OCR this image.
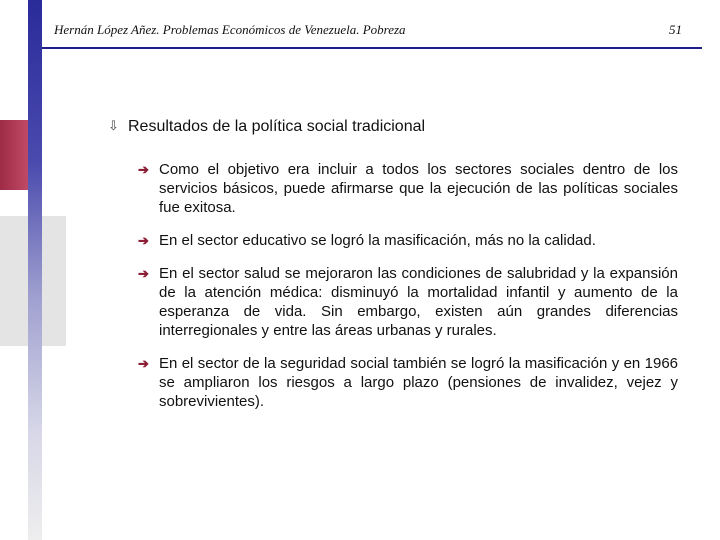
Hernán López Añez. Problemas Económicos de Venezuela. Pobreza	51
⇩ Resultados de la política social tradicional
➔ Como el objetivo era incluir a todos los sectores sociales dentro de los servicios básicos, puede afirmarse que la ejecución de las políticas sociales fue exitosa.
➔ En el sector educativo se logró la masificación, más no la calidad.
➔ En el sector salud se mejoraron las condiciones de salubridad y la expansión de la atención médica: disminuyó la mortalidad infantil y aumento de la esperanza de vida. Sin embargo, existen aún grandes diferencias interregionales y entre las áreas urbanas y rurales.
➔ En el sector de la seguridad social también se logró la masificación y en 1966 se ampliaron los riesgos a largo plazo (pensiones de invalidez, vejez y sobrevivientes).
